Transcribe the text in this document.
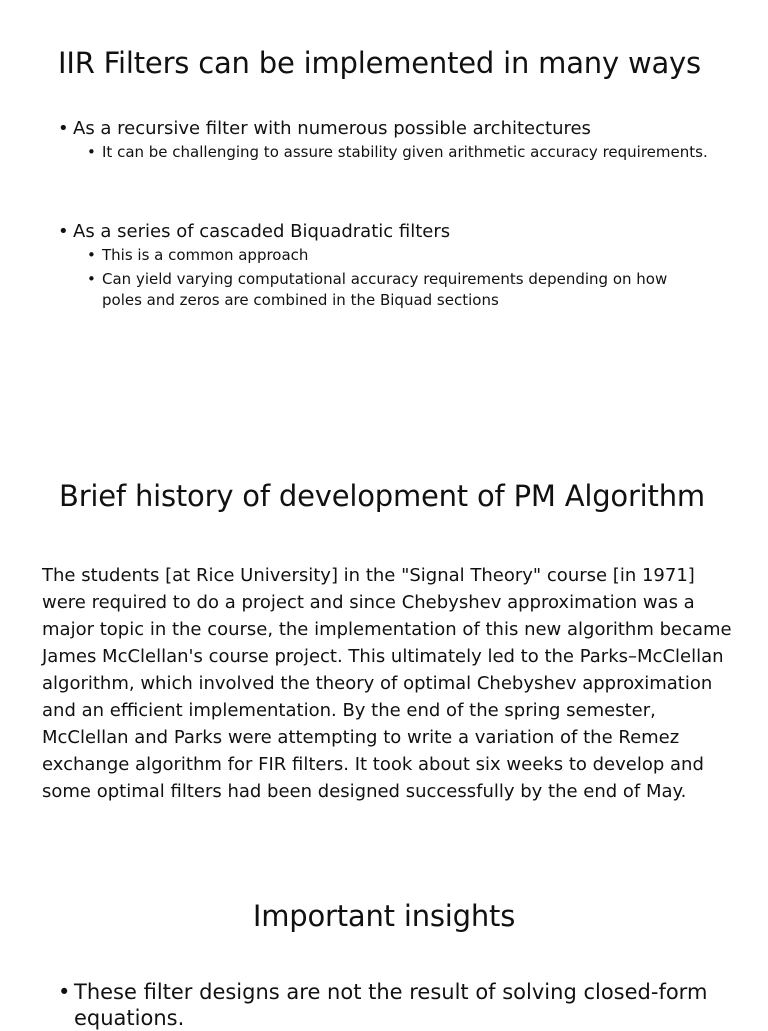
IIR Filters can be implemented in many ways
• As a recursive filter with numerous possible architectures
• It can be challenging to assure stability given arithmetic accuracy requirements.
• As a series of cascaded Biquadratic filters
• This is a common approach
• Can yield varying computational accuracy requirements depending on how poles and zeros are combined in the Biquad sections
Brief history of development of PM Algorithm

The students [at Rice University] in the "Signal Theory" course [in 1971] were required to do a project and since Chebyshev approximation was a major topic in the course, the implementation of this new algorithm became James McClellan's course project. This ultimately led to the Parks–McClellan algorithm, which involved the theory of optimal Chebyshev approximation and an efficient implementation. By the end of the spring semester, McClellan and Parks were attempting to write a variation of the Remez exchange algorithm for FIR filters. It took about six weeks to develop and some optimal filters had been designed successfully by the end of May.

Important insights
• These filter designs are not the result of solving closed-form equations.
